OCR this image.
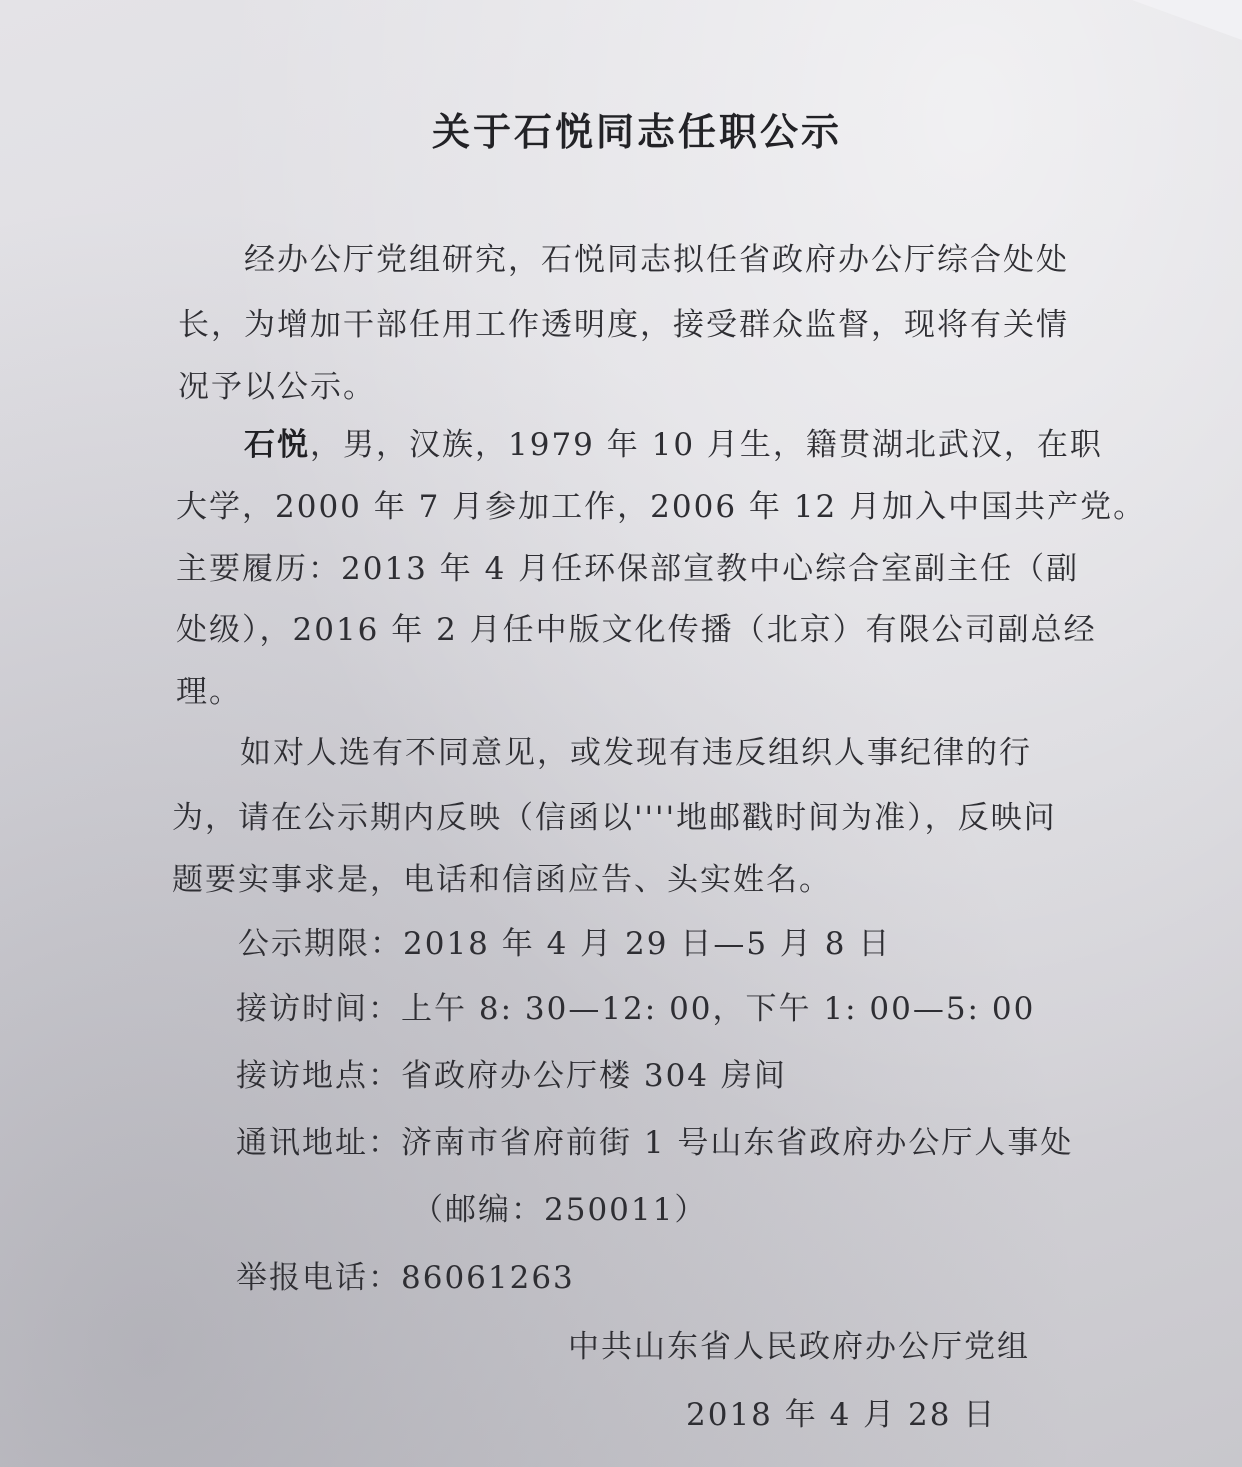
关于石悦同志任职公示
经办公厅党组研究，石悦同志拟任省政府办公厅综合处处
长，为增加干部任用工作透明度，接受群众监督，现将有关情
况予以公示。
石悦，男，汉族，1979 年 10 月生，籍贯湖北武汉，在职
大学，2000 年 7 月参加工作，2006 年 12 月加入中国共产党。
主要履历：2013 年 4 月任环保部宣教中心综合室副主任（副
处级），2016 年 2 月任中版文化传播（北京）有限公司副总经
理。
如对人选有不同意见，或发现有违反组织人事纪律的行
为，请在公示期内反映（信函以''''地邮戳时间为准），反映问
题要实事求是，电话和信函应告、头实姓名。
公示期限：2018 年 4 月 29 日—5 月 8 日
接访时间：上午 8: 30—12: 00，下午 1: 00—5: 00
接访地点：省政府办公厅楼 304 房间
通讯地址：济南市省府前街 1 号山东省政府办公厅人事处
（邮编：250011）
举报电话：86061263
中共山东省人民政府办公厅党组
2018 年 4 月 28 日
